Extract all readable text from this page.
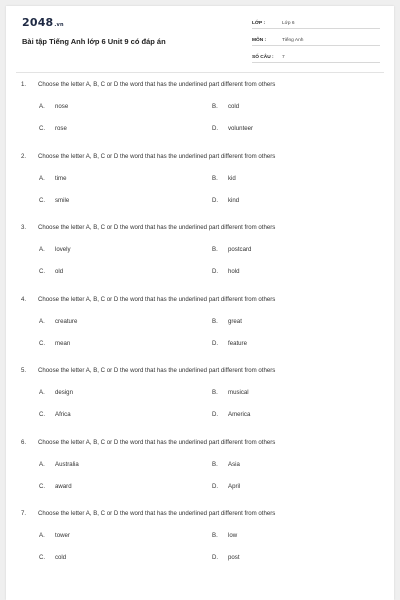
2048.vn
Bài tập Tiếng Anh lớp 6 Unit 9 có đáp án
LỚP :	Lớp 6
MÔN :	Tiếng Anh
SỐ CÂU :	7
1. Choose the letter A, B, C or D the word that has the underlined part different from others
A. nose	B. cold
C. rose	D. volunteer
2. Choose the letter A, B, C or D the word that has the underlined part different from others
A. time	B. kid
C. smile	D. kind
3. Choose the letter A, B, C or D the word that has the underlined part different from others
A. lovely	B. postcard
C. old	D. hold
4. Choose the letter A, B, C or D the word that has the underlined part different from others
A. creature	B. great
C. mean	D. feature
5. Choose the letter A, B, C or D the word that has the underlined part different from others
A. design	B. musical
C. Africa	D. America
6. Choose the letter A, B, C or D the word that has the underlined part different from others
A. Australia	B. Asia
C. award	D. April
7. Choose the letter A, B, C or D the word that has the underlined part different from others
A. tower	B. low
C. cold	D. post
